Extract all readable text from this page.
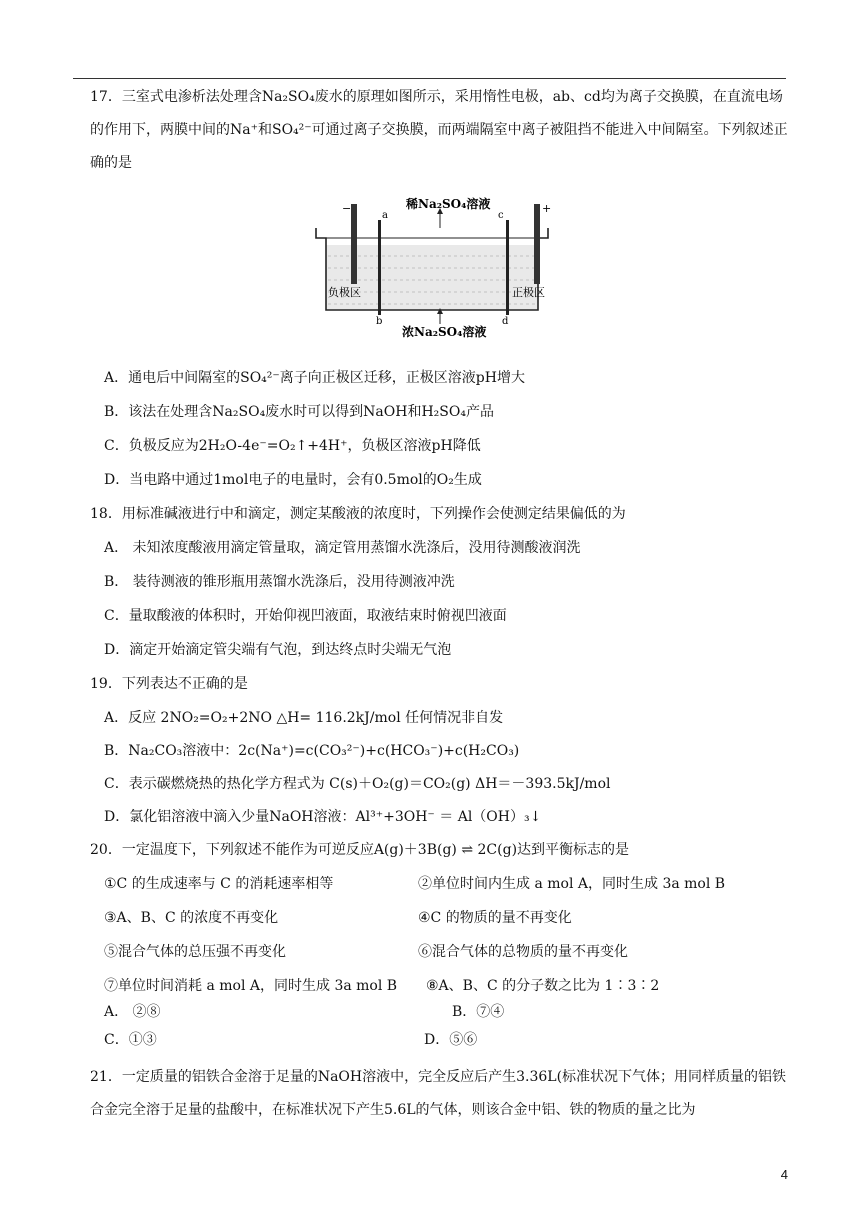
17．三室式电渗析法处理含Na₂SO₄废水的原理如图所示，采用惰性电极，ab、cd均为离子交换膜，在直流电场的作用下，两膜中间的Na⁺和SO₄²⁻可通过离子交换膜，而两端隔室中离子被阻挡不能进入中间隔室。下列叙述正确的是
稀Na₂SO₄溶液
浓Na₂SO₄溶液
负极区	正极区
a
b
c
d
−	+
A．通电后中间隔室的SO₄²⁻离子向正极区迁移，正极区溶液pH增大
B．该法在处理含Na₂SO₄废水时可以得到NaOH和H₂SO₄产品
C．负极反应为2H₂O-4e⁻=O₂↑+4H⁺，负极区溶液pH降低
D．当电路中通过1mol电子的电量时，会有0.5mol的O₂生成
18．用标准碱液进行中和滴定，测定某酸液的浓度时，下列操作会使测定结果偏低的为
A． 未知浓度酸液用滴定管量取，滴定管用蒸馏水洗涤后，没用待测酸液润洗
B． 装待测液的锥形瓶用蒸馏水洗涤后，没用待测液冲洗
C．量取酸液的体积时，开始仰视凹液面，取液结束时俯视凹液面
D．滴定开始滴定管尖端有气泡，到达终点时尖端无气泡
19．下列表达不正确的是
A．反应 2NO₂=O₂+2NO △H= 116.2kJ/mol 任何情况非自发
B．Na₂CO₃溶液中：2c(Na⁺)=c(CO₃²⁻)+c(HCO₃⁻)+c(H₂CO₃)
C．表示碳燃烧热的热化学方程式为 C(s)＋O₂(g)＝CO₂(g) ΔH＝－393.5kJ/mol
D．氯化铝溶液中滴入少量NaOH溶液：Al³⁺+3OH⁻ ＝ Al（OH）₃↓
20．一定温度下，下列叙述不能作为可逆反应A(g)＋3B(g) ⇌ 2C(g)达到平衡标志的是
①C 的生成速率与 C 的消耗速率相等	②单位时间内生成 a mol A，同时生成 3a mol B
③A、B、C 的浓度不再变化	④C 的物质的量不再变化
⑤混合气体的总压强不再变化	⑥混合气体的总物质的量不再变化
⑦单位时间消耗 a mol A，同时生成 3a mol B ⑧A、B、C 的分子数之比为 1∶3∶2
A． ②⑧	B．⑦④
C．①③	D．⑤⑥
21．一定质量的铝铁合金溶于足量的NaOH溶液中，完全反应后产生3.36L(标准状况下气体；用同样质量的铝铁合金完全溶于足量的盐酸中，在标准状况下产生5.6L的气体，则该合金中铝、铁的物质的量之比为
4
